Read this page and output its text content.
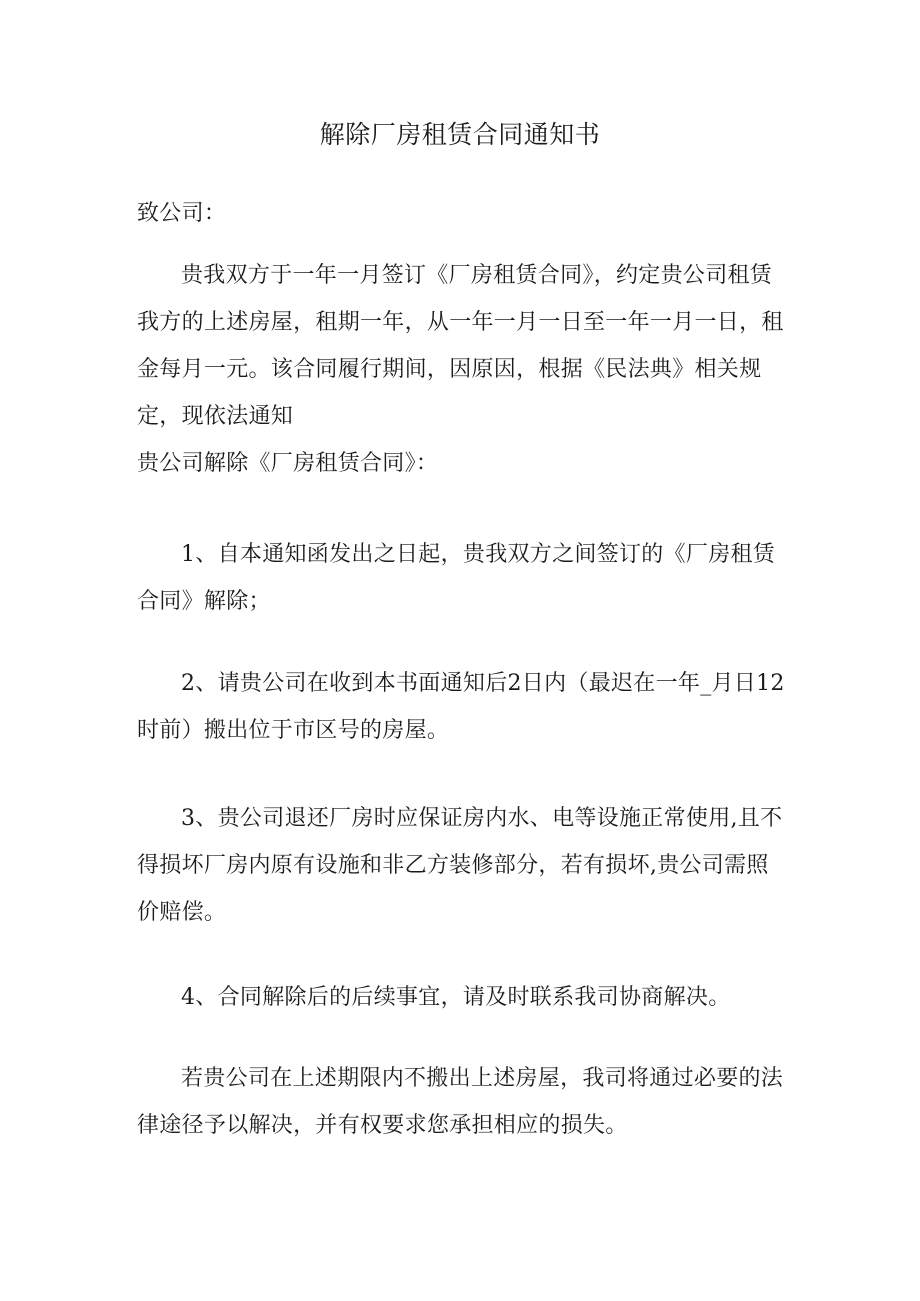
解除厂房租赁合同通知书

致公司：

贵我双方于一年一月签订《厂房租赁合同》，约定贵公司租赁我方的上述房屋，租期一年，从一年一月一日至一年一月一日，租金每月一元。该合同履行期间，因原因，根据《民法典》相关规定，现依法通知

贵公司解除《厂房租赁合同》：

1、自本通知函发出之日起，贵我双方之间签订的《厂房租赁合同》解除；

2、请贵公司在收到本书面通知后2日内（最迟在一年_月日12时前）搬出位于市区号的房屋。

3、贵公司退还厂房时应保证房内水、电等设施正常使用,且不得损坏厂房内原有设施和非乙方装修部分，若有损坏,贵公司需照价赔偿。

4、合同解除后的后续事宜，请及时联系我司协商解决。

若贵公司在上述期限内不搬出上述房屋，我司将通过必要的法律途径予以解决，并有权要求您承担相应的损失。
